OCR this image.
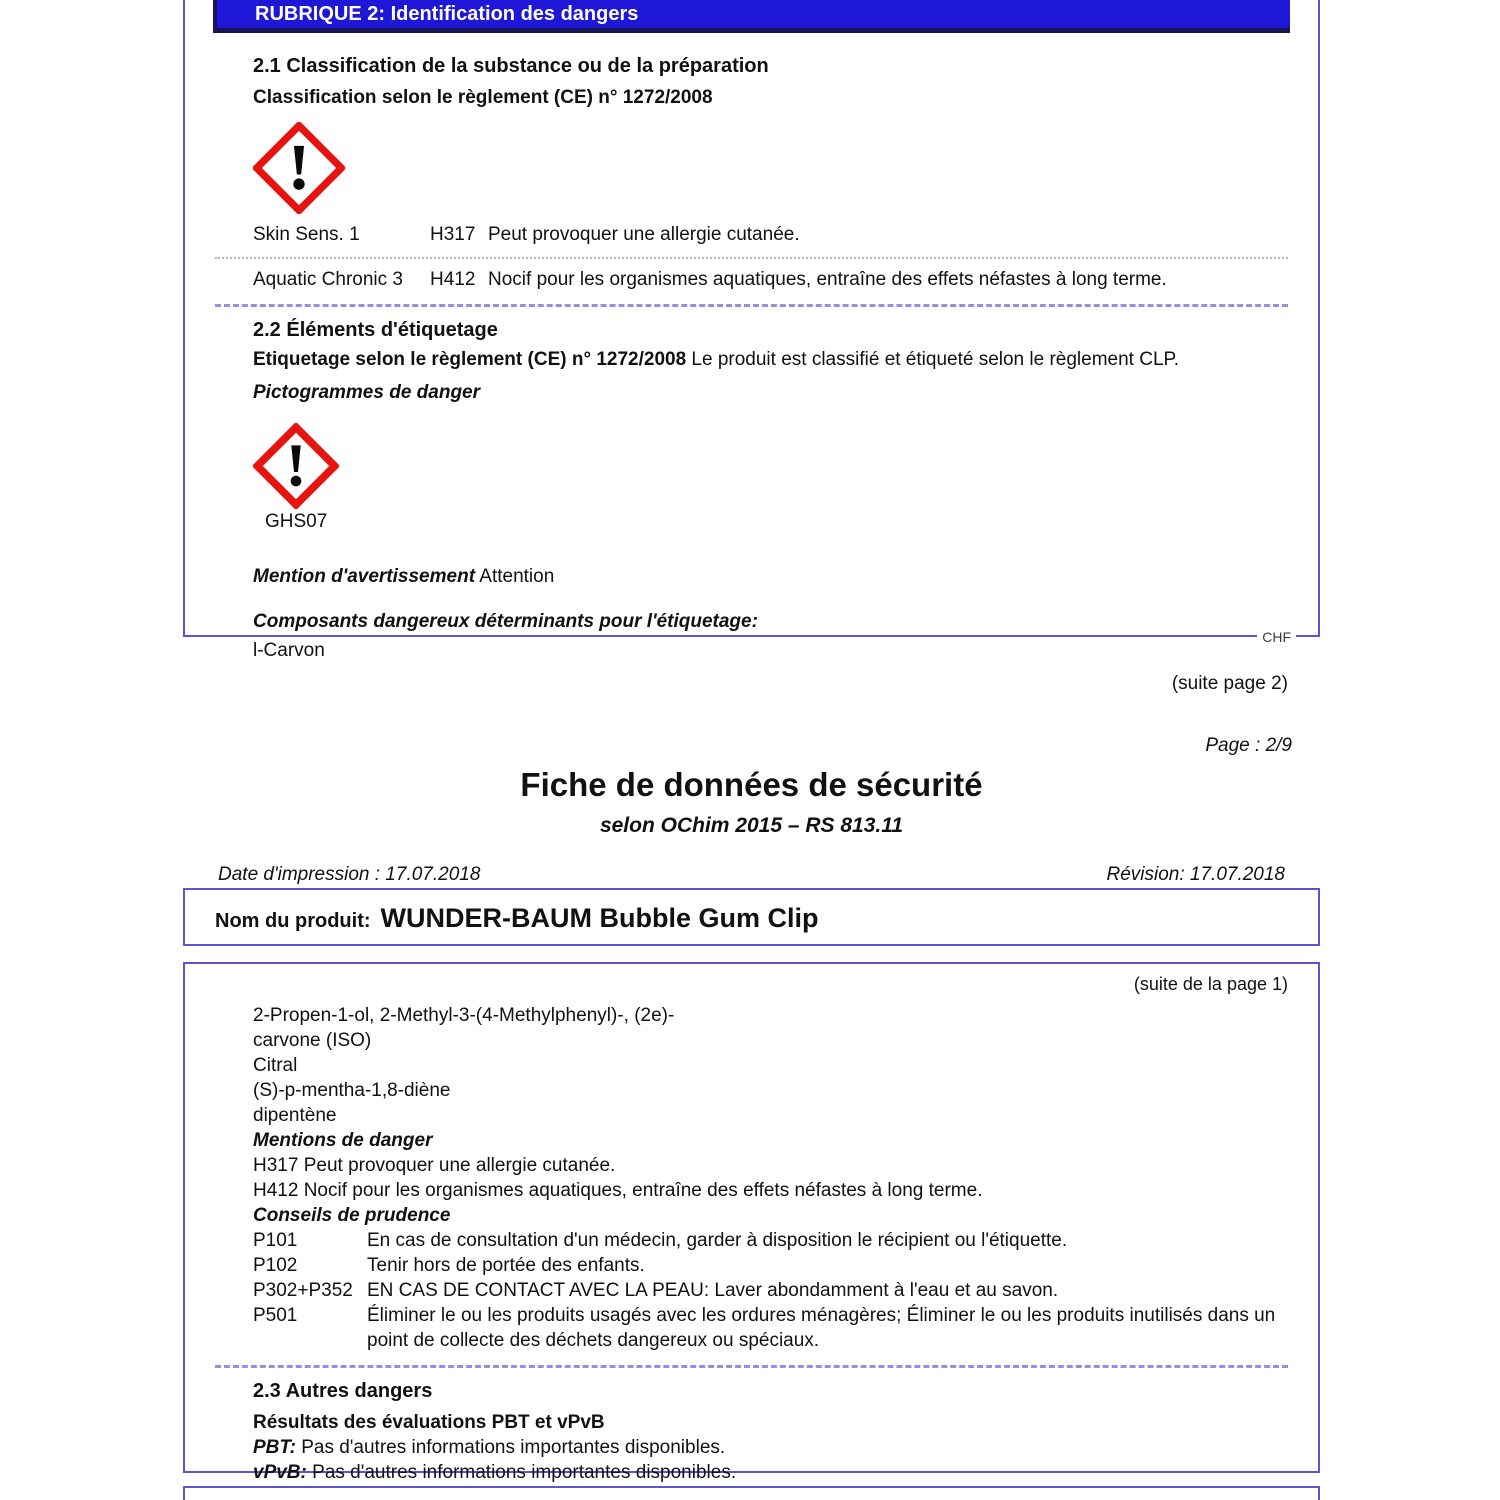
RUBRIQUE 2: Identification des dangers
2.1 Classification de la substance ou de la préparation
Classification selon le règlement (CE) n° 1272/2008
Skin Sens. 1	H317 Peut provoquer une allergie cutanée.
Aquatic Chronic 3	H412 Nocif pour les organismes aquatiques, entraîne des effets néfastes à long terme.
2.2 Éléments d'étiquetage
Etiquetage selon le règlement (CE) n° 1272/2008 Le produit est classifié et étiqueté selon le règlement CLP.
Pictogrammes de danger
GHS07
Mention d'avertissement Attention
Composants dangereux déterminants pour l'étiquetage:
l-Carvon
(suite page 2)
CHF
Page : 2/9
Fiche de données de sécurité
selon OChim 2015 – RS 813.11
Date d'impression : 17.07.2018	Révision: 17.07.2018
Nom du produit: WUNDER-BAUM Bubble Gum Clip
(suite de la page 1)
2-Propen-1-ol, 2-Methyl-3-(4-Methylphenyl)-, (2e)-
carvone (ISO)
Citral
(S)-p-mentha-1,8-diène
dipentène
Mentions de danger
H317 Peut provoquer une allergie cutanée.
H412 Nocif pour les organismes aquatiques, entraîne des effets néfastes à long terme.
Conseils de prudence
P101	En cas de consultation d'un médecin, garder à disposition le récipient ou l'étiquette.
P102	Tenir hors de portée des enfants.
P302+P352 EN CAS DE CONTACT AVEC LA PEAU: Laver abondamment à l'eau et au savon.
P501	Éliminer le ou les produits usagés avec les ordures ménagères; Éliminer le ou les produits inutilisés dans un point de collecte des déchets dangereux ou spéciaux.
2.3 Autres dangers
Résultats des évaluations PBT et vPvB
PBT: Pas d'autres informations importantes disponibles.
vPvB: Pas d'autres informations importantes disponibles.
